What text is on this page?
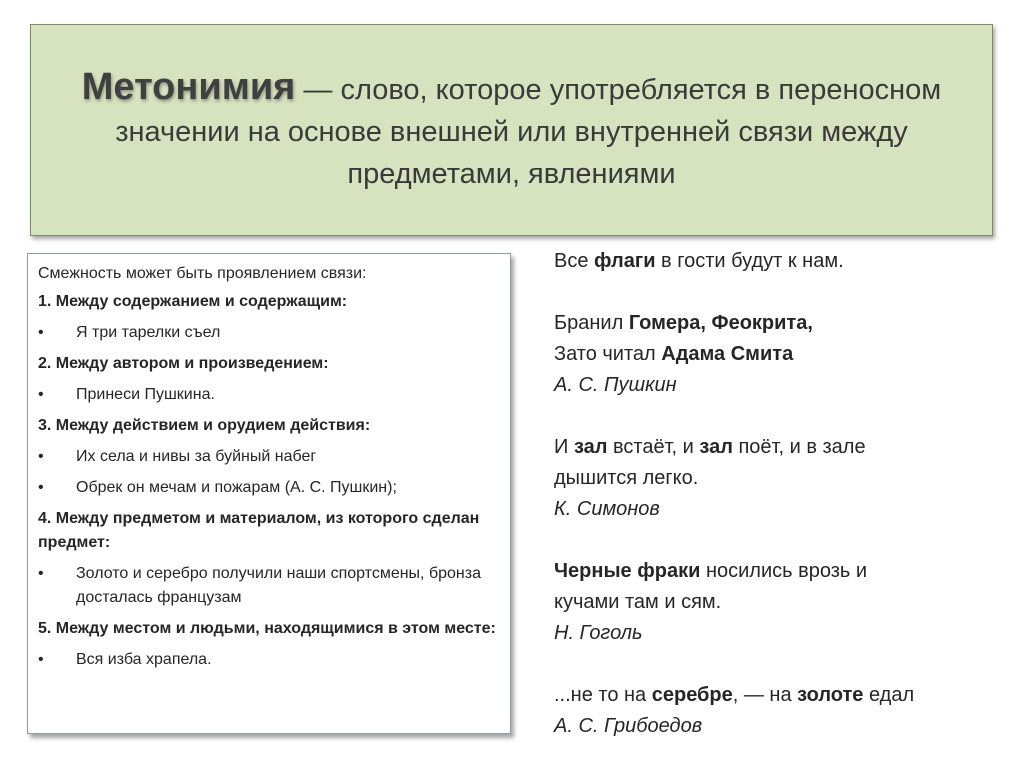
Метонимия — слово, которое употребляется в переносном значении на основе внешней или внутренней связи между предметами, явлениями
Смежность может быть проявлением связи:
1. Между содержанием и содержащим:
•	Я три тарелки съел
2. Между автором и произведением:
•	Принеси Пушкина.
3. Между действием и орудием действия:
•	Их села и нивы за буйный набег
•	Обрек он мечам и пожарам (А. С. Пушкин);
4. Между предметом и материалом, из которого сделан предмет:
•	Золото и серебро получили наши спортсмены, бронза досталась французам
5. Между местом и людьми, находящимися в этом месте:
•	Вся изба храпела.
Все флаги в гости будут к нам.
Бранил Гомера, Феокрита,
Зато читал Адама Смита
А. С. Пушкин
И зал встаёт, и зал поёт, и в зале
дышится легко.
К. Симонов
Черные фраки носились врозь и
кучами там и сям.
Н. Гоголь
...не то на серебре, — на золоте едал
А. С. Грибоедов
